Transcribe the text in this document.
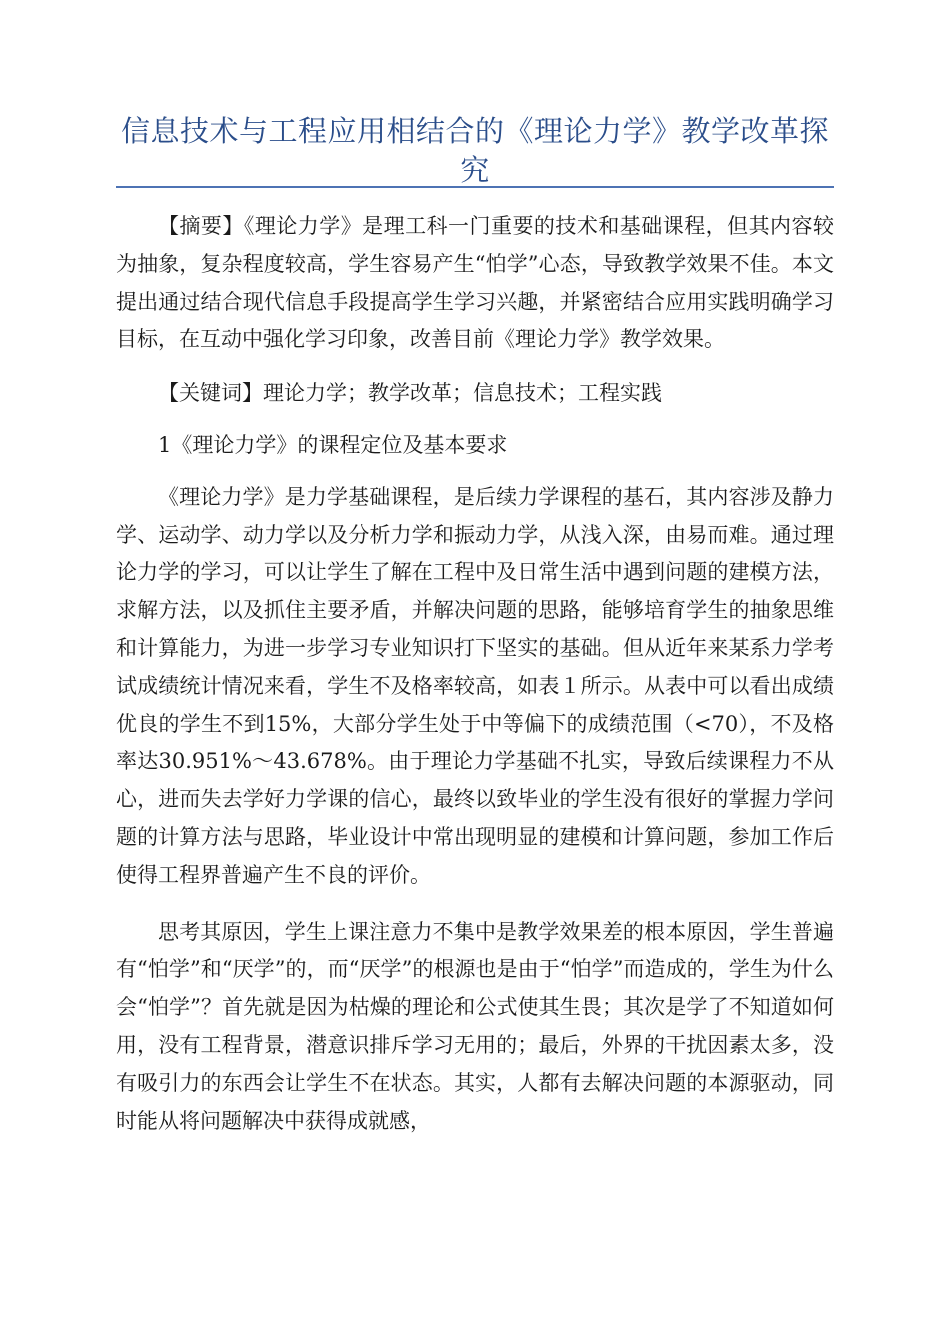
信息技术与工程应用相结合的《理论力学》教学改革探究

【摘要】《理论力学》是理工科一门重要的技术和基础课程，但其内容较为抽象，复杂程度较高，学生容易产生“怕学”心态，导致教学效果不佳。本文提出通过结合现代信息手段提高学生学习兴趣，并紧密结合应用实践明确学习目标，在互动中强化学习印象，改善目前《理论力学》教学效果。

【关键词】理论力学；教学改革；信息技术；工程实践

1《理论力学》的课程定位及基本要求

《理论力学》是力学基础课程，是后续力学课程的基石，其内容涉及静力学、运动学、动力学以及分析力学和振动力学，从浅入深，由易而难。通过理论力学的学习，可以让学生了解在工程中及日常生活中遇到问题的建模方法，求解方法，以及抓住主要矛盾，并解决问题的思路，能够培育学生的抽象思维和计算能力，为进一步学习专业知识打下坚实的基础。但从近年来某系力学考试成绩统计情况来看，学生不及格率较高，如表１所示。从表中可以看出成绩优良的学生不到15%，大部分学生处于中等偏下的成绩范围（<70），不及格率达30.951%～43.678%。由于理论力学基础不扎实，导致后续课程力不从心，进而失去学好力学课的信心，最终以致毕业的学生没有很好的掌握力学问题的计算方法与思路，毕业设计中常出现明显的建模和计算问题，参加工作后使得工程界普遍产生不良的评价。

思考其原因，学生上课注意力不集中是教学效果差的根本原因，学生普遍有“怕学”和“厌学”的，而“厌学”的根源也是由于“怕学”而造成的，学生为什么会“怕学”？首先就是因为枯燥的理论和公式使其生畏；其次是学了不知道如何用，没有工程背景，潜意识排斥学习无用的；最后，外界的干扰因素太多，没有吸引力的东西会让学生不在状态。其实，人都有去解决问题的本源驱动，同时能从将问题解决中获得成就感，
